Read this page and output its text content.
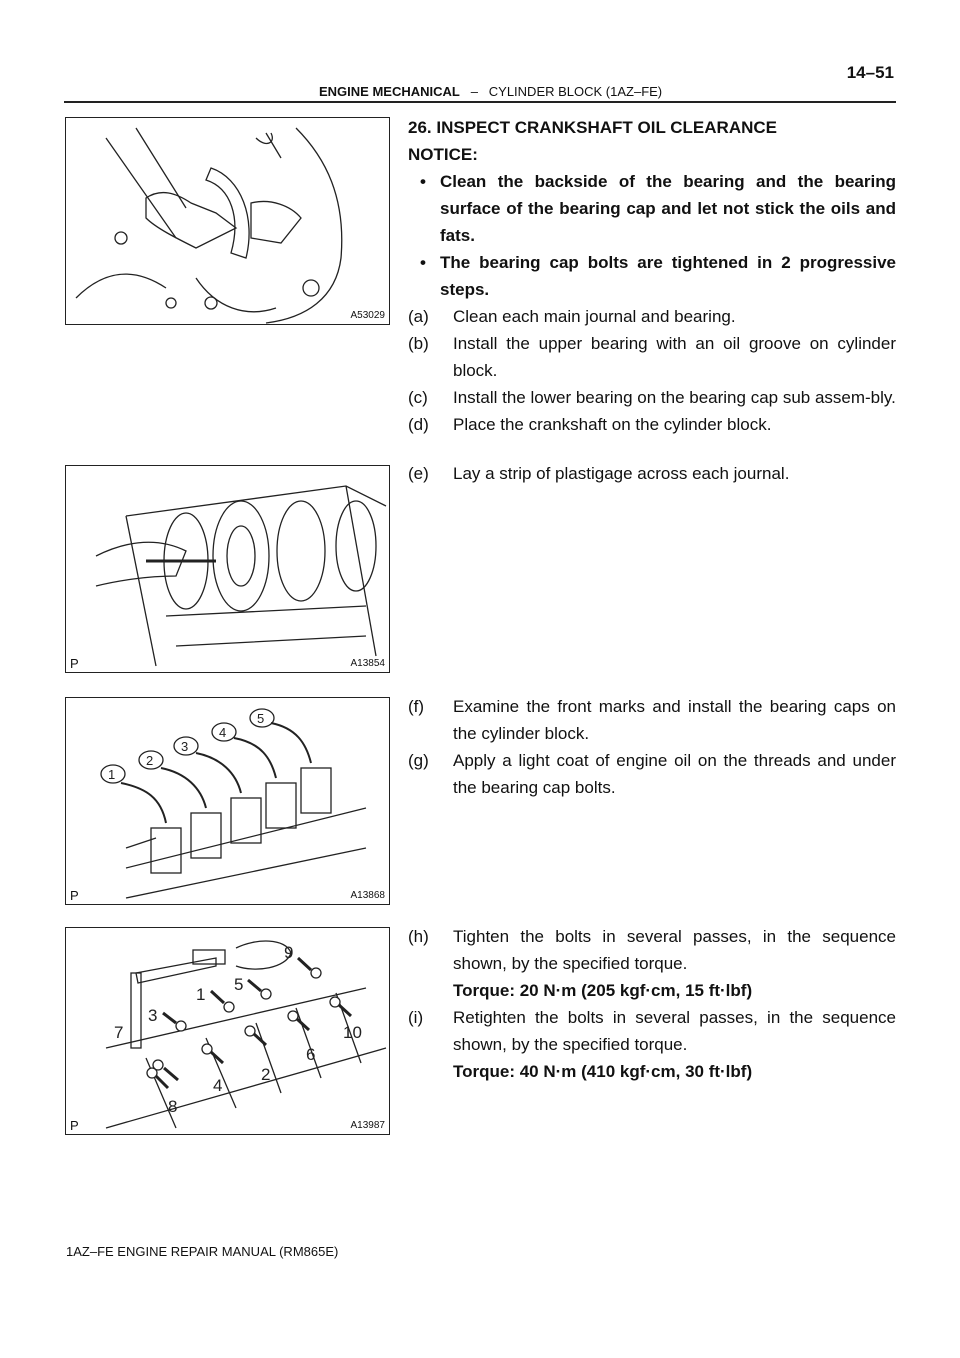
14–51
ENGINE MECHANICAL – CYLINDER BLOCK (1AZ–FE)
A53029
P	A13854
1
2
3
4
5
P	A13868
1
2
3
4
5
6
7
8
9
10
P	A13987
26. INSPECT CRANKSHAFT OIL CLEARANCE
NOTICE:
• Clean the backside of the bearing and the bearing surface of the bearing cap and let not stick the oils and fats.
• The bearing cap bolts are tightened in 2 progressive steps.
(a)	Clean each main journal and bearing.
(b)	Install the upper bearing with an oil groove on cylinder block.
(c)	Install the lower bearing on the bearing cap sub assem-bly.
(d)	Place the crankshaft on the cylinder block.
(e)	Lay a strip of plastigage across each journal.
(f)	Examine the front marks and install the bearing caps on the cylinder block.
(g)	Apply a light coat of engine oil on the threads and under the bearing cap bolts.
(h)	Tighten the bolts in several passes, in the sequence shown, by the specified torque.
Torque: 20 N·m (205 kgf·cm, 15 ft·lbf)
(i)	Retighten the bolts in several passes, in the sequence shown, by the specified torque.
Torque: 40 N·m (410 kgf·cm, 30 ft·lbf)
1AZ–FE ENGINE REPAIR MANUAL (RM865E)
